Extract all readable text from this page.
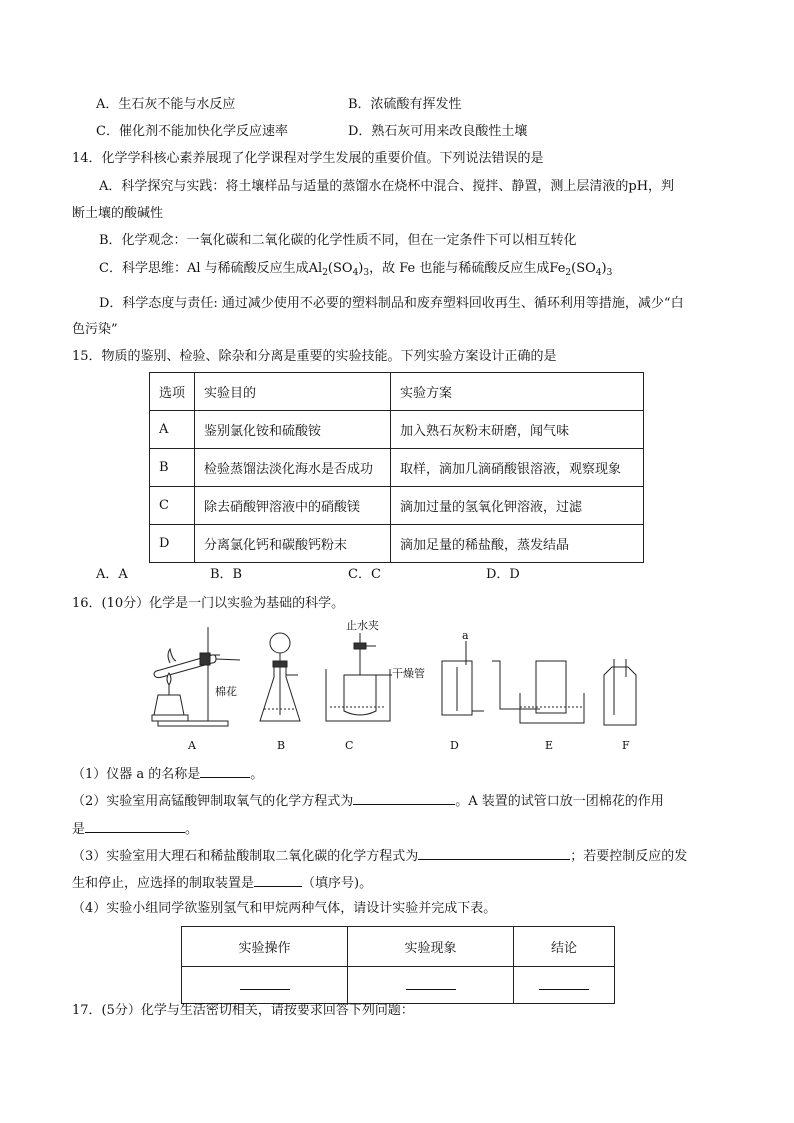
A．生石灰不能与水反应	B．浓硫酸有挥发性
C．催化剂不能加快化学反应速率	D．熟石灰可用来改良酸性土壤
14．化学学科核心素养展现了化学课程对学生发展的重要价值。下列说法错误的是
A．科学探究与实践：将土壤样品与适量的蒸馏水在烧杯中混合、搅拌、静置，测上层清液的pH，判
断土壤的酸碱性
B．化学观念：一氧化碳和二氧化碳的化学性质不同，但在一定条件下可以相互转化
C．科学思维：Al 与稀硫酸反应生成$Al_2(SO_4)_3$，故 Fe 也能与稀硫酸反应生成$Fe_2(SO_4)_3$
D．科学态度与责任: 通过减少使用不必要的塑料制品和废弃塑料回收再生、循环利用等措施，减少“白
色污染”
15．物质的鉴别、检验、除杂和分离是重要的实验技能。下列实验方案设计正确的是
选项	实验目的	实验方案
A	鉴别氯化铵和硫酸铵	加入熟石灰粉末研磨，闻气味
B	检验蒸馏法淡化海水是否成功	取样，滴加几滴硝酸银溶液，观察现象
C	除去硝酸钾溶液中的硝酸镁	滴加过量的氢氧化钾溶液，过滤
D	分离氯化钙和碳酸钙粉末	滴加足量的稀盐酸，蒸发结晶
A．A	B．B	C．C	D．D
16．(10分）化学是一门以实验为基础的科学。
棉花
A	B
止水夹
干燥管
C
a
D	E	F
（1）仪器 a 的名称是	。
（2）实验室用高锰酸钾制取氧气的化学方程式为	。A 装置的试管口放一团棉花的作用
是	。
（3）实验室用大理石和稀盐酸制取二氧化碳的化学方程式为	；若要控制反应的发
生和停止，应选择的制取装置是	（填序号)。
（4）实验小组同学欲鉴别氢气和甲烷两种气体，请设计实验并完成下表。
实验操作	实验现象	结论

17．(5分）化学与生活密切相关，请按要求回答下列问题：
